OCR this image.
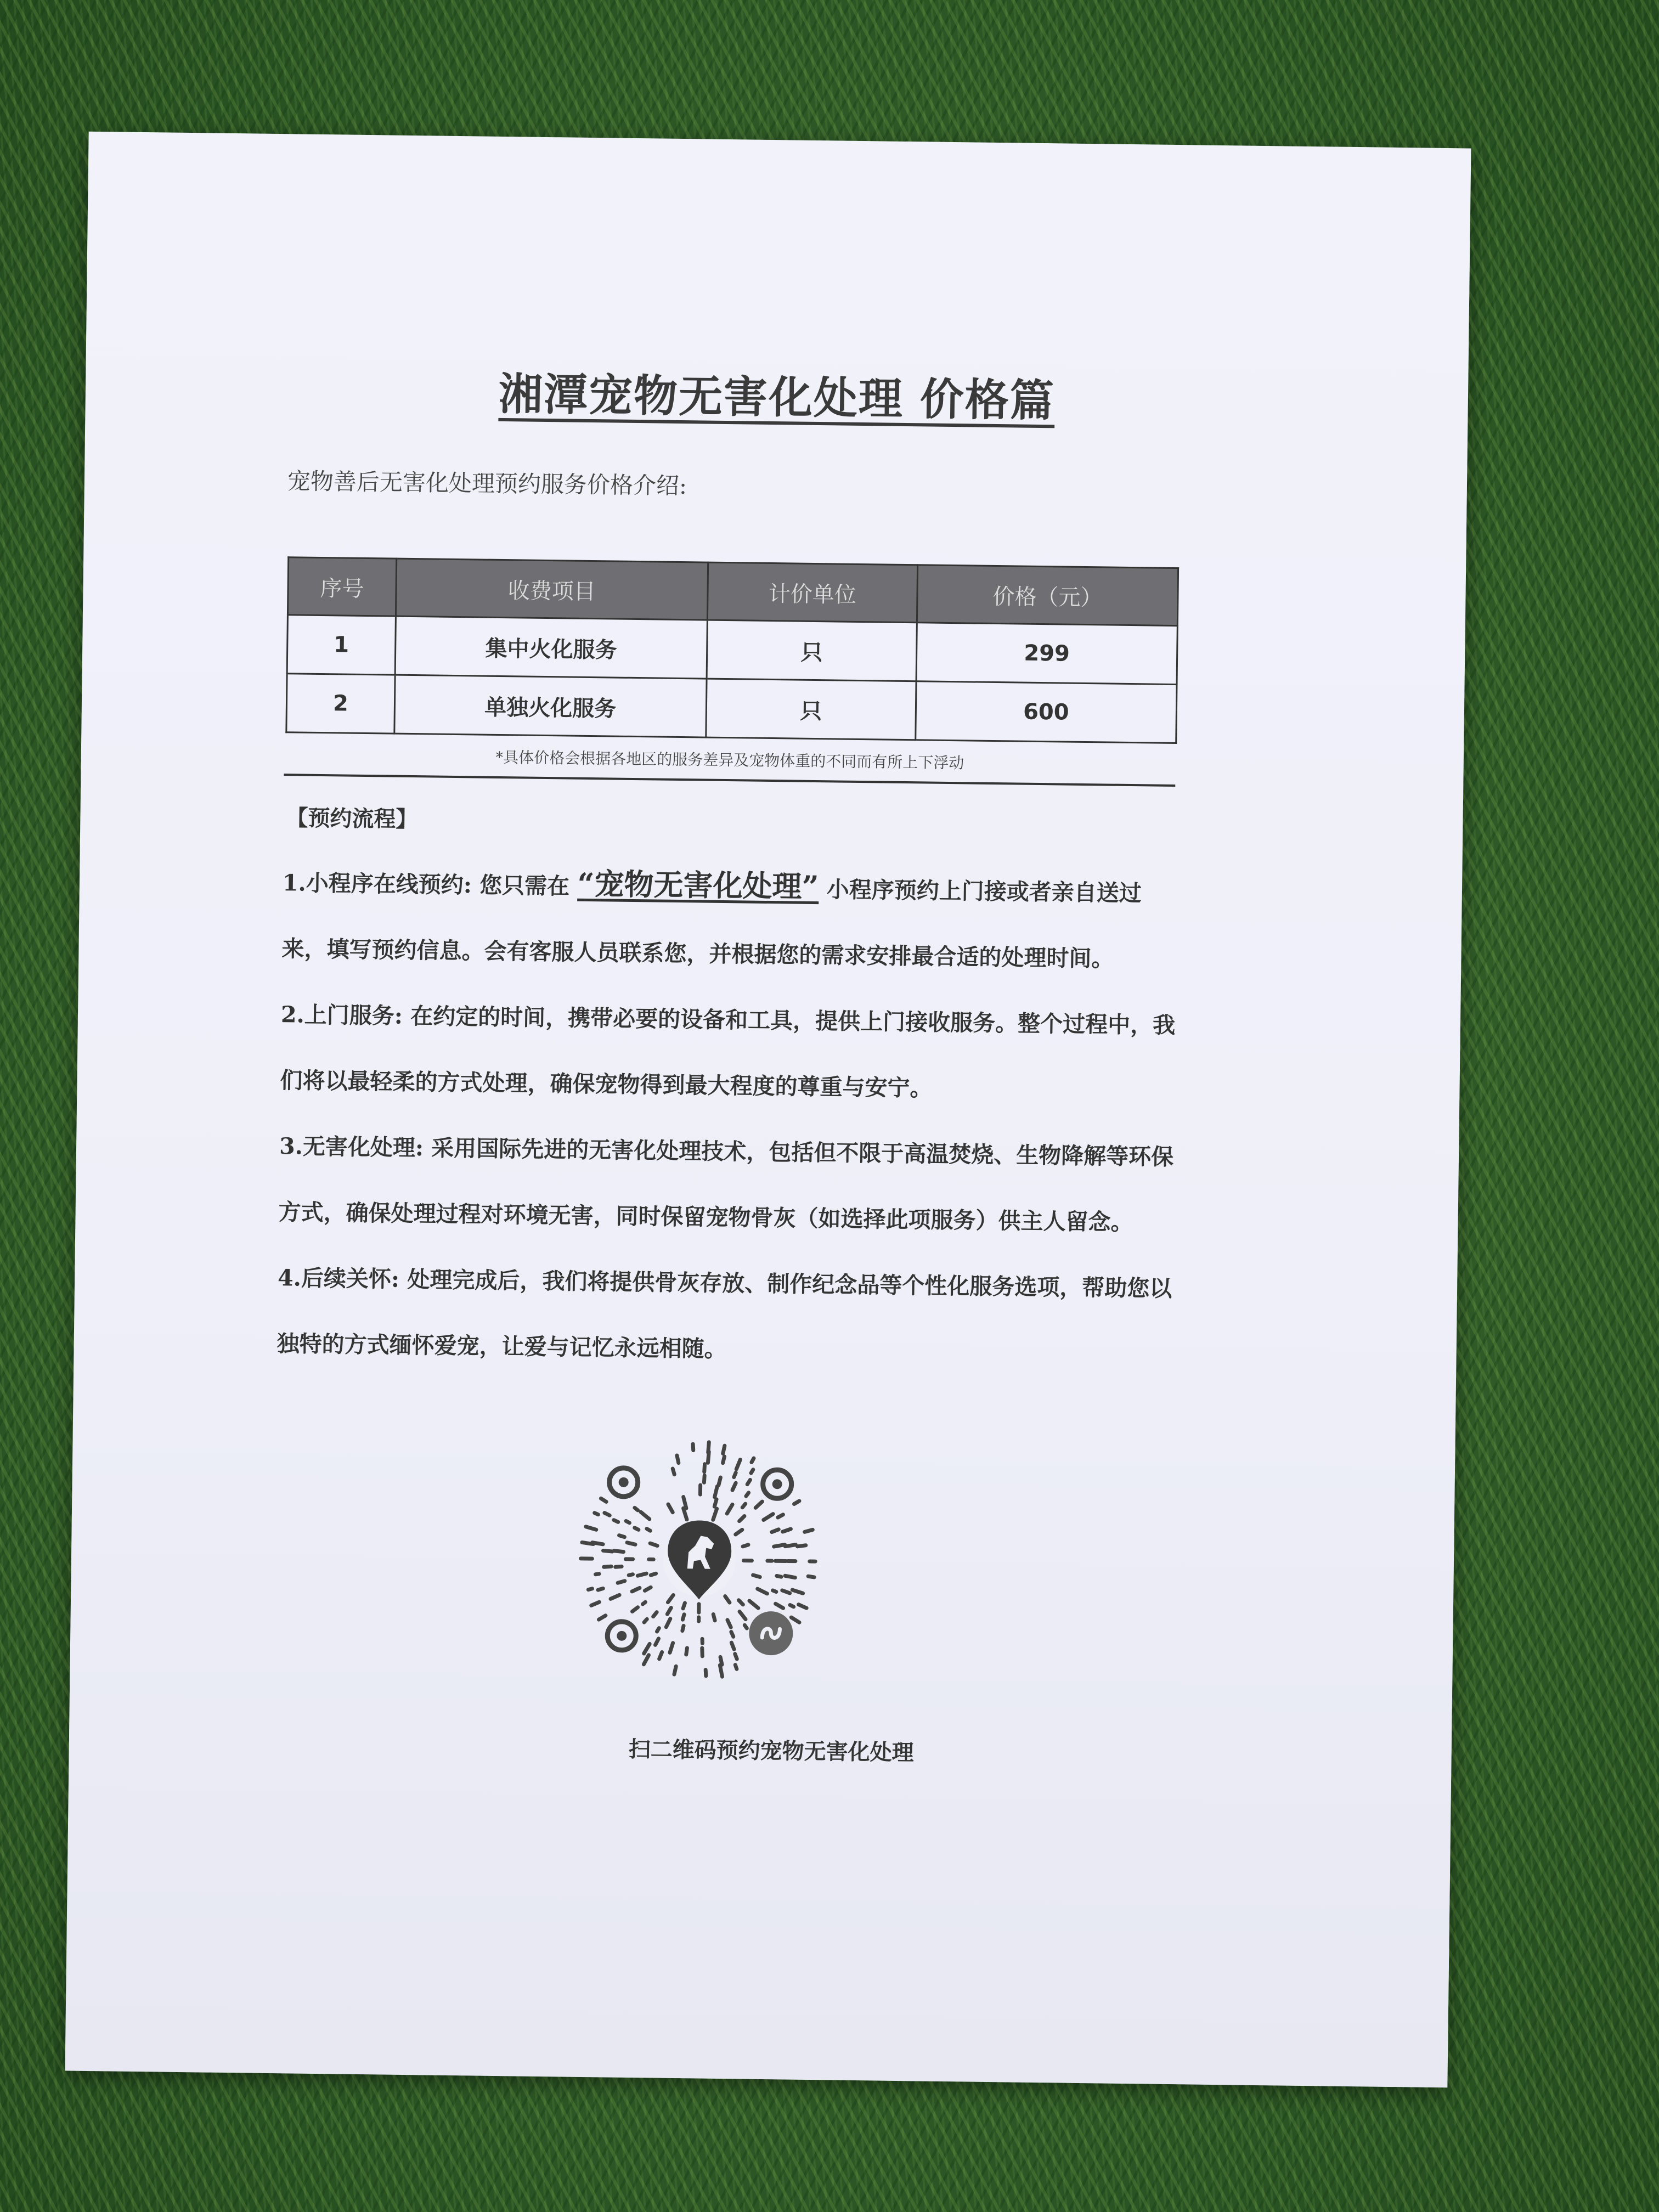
湘潭宠物无害化处理 价格篇
宠物善后无害化处理预约服务价格介绍:
序号	收费项目	计价单位	价格（元）
1	集中火化服务	只	299
2	单独火化服务	只	600
*具体价格会根据各地区的服务差异及宠物体重的不同而有所上下浮动
【预约流程】

1.小程序在线预约: 您只需在 “宠物无害化处理” 小程序预约上门接或者亲自送过来，填写预约信息。会有客服人员联系您，并根据您的需求安排最合适的处理时间。

2.上门服务: 在约定的时间，携带必要的设备和工具，提供上门接收服务。整个过程中，我们将以最轻柔的方式处理，确保宠物得到最大程度的尊重与安宁。

3.无害化处理: 采用国际先进的无害化处理技术，包括但不限于高温焚烧、生物降解等环保方式，确保处理过程对环境无害，同时保留宠物骨灰（如选择此项服务）供主人留念。

4.后续关怀: 处理完成后，我们将提供骨灰存放、制作纪念品等个性化服务选项，帮助您以独特的方式缅怀爱宠，让爱与记忆永远相随。

扫二维码预约宠物无害化处理
